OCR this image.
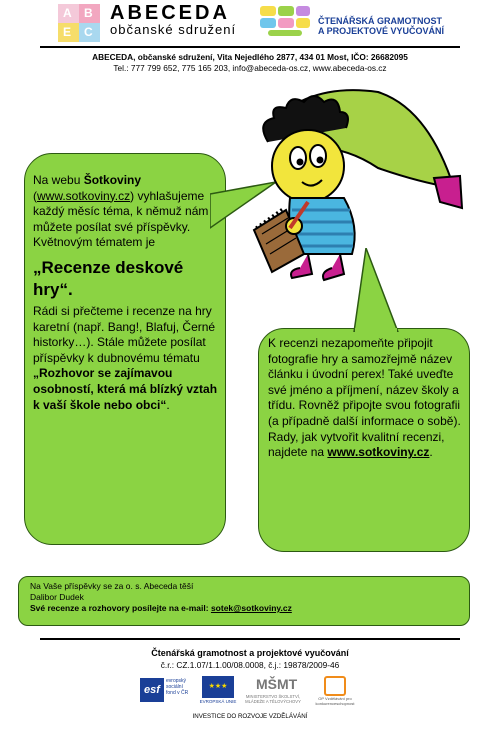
A	B
E	C
ABECEDA
občanské sdružení
ČTENÁŘSKÁ GRAMOTNOST
A PROJEKTOVÉ VYUČOVÁNÍ
ABECEDA, občanské sdružení, Vita Nejedlého 2877, 434 01 Most, IČO: 26682095
Tel.: 777 799 652, 775 165 203, info@abeceda-os.cz, www.abeceda-os.cz
Na webu Šotkoviny (www.sotkoviny.cz) vyhlašujeme každý měsíc téma, k němuž nám můžete posílat své příspěvky. Květnovým tématem je
„Recenze deskové hry“.
Rádi si přečteme i recenze na hry karetní (např. Bang!, Blafuj, Černé historky…). Stále můžete posílat příspěvky k dubnovému tématu „Rozhovor se zajímavou osobností, která má blízký vztah k vaší škole nebo obci“.
K recenzi nezapomeňte připojit fotografie hry a samozřejmě název článku i úvodní perex! Také uveďte své jméno a příjmení, název školy a třídu. Rovněž připojte svou fotografii (a případně další informace o sobě). Rady, jak vytvořit kvalitní recenzi, najdete na www.sotkoviny.cz.
Na Vaše příspěvky se za o. s. Abeceda těší
Dalibor Dudek
Své recenze a rozhovory posílejte na e-mail: sotek@sotkoviny.cz
Čtenářská gramotnost a projektové vyučování
č.r.: CZ.1.07/1.1.00/08.0008, č.j.: 19878/2009-46
esf
evropský sociální fond v ČR
★★★
EVROPSKÁ UNIE
MŠMT
MINISTERSTVO ŠKOLSTVÍ, MLÁDEŽE A TĚLOVÝCHOVY
OP Vzdělávání pro konkurenceschopnost
INVESTICE DO ROZVOJE VZDĚLÁVÁNÍ
